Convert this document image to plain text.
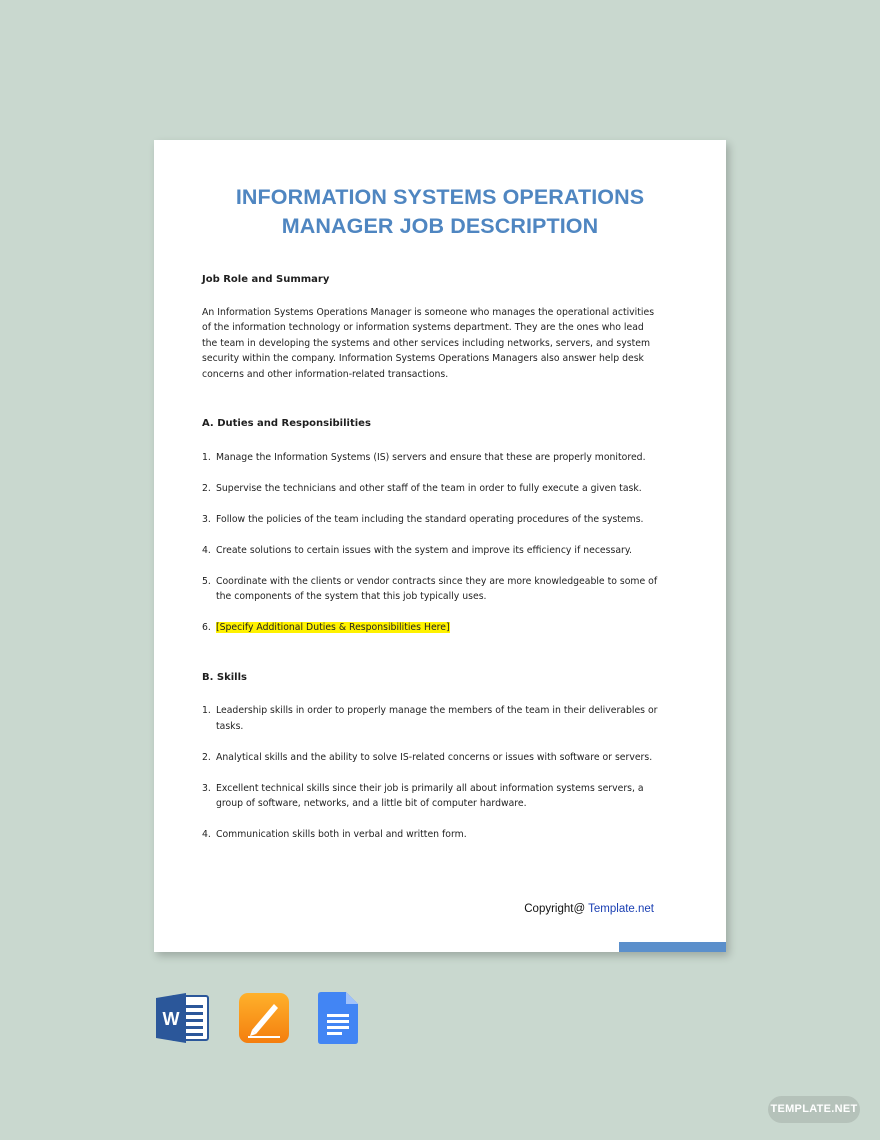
INFORMATION SYSTEMS OPERATIONS
MANAGER JOB DESCRIPTION
Job Role and Summary
An Information Systems Operations Manager is someone who manages the operational activities of the information technology or information systems department. They are the ones who lead the team in developing the systems and other services including networks, servers, and system security within the company. Information Systems Operations Managers also answer help desk concerns and other information-related transactions.
A. Duties and Responsibilities
1. Manage the Information Systems (IS) servers and ensure that these are properly monitored.
2. Supervise the technicians and other staff of the team in order to fully execute a given task.
3. Follow the policies of the team including the standard operating procedures of the systems.
4. Create solutions to certain issues with the system and improve its efficiency if necessary.
5. Coordinate with the clients or vendor contracts since they are more knowledgeable to some of the components of the system that this job typically uses.
6. [Specify Additional Duties & Responsibilities Here]
B. Skills
1. Leadership skills in order to properly manage the members of the team in their deliverables or tasks.
2. Analytical skills and the ability to solve IS-related concerns or issues with software or servers.
3. Excellent technical skills since their job is primarily all about information systems servers, a group of software, networks, and a little bit of computer hardware.
4. Communication skills both in verbal and written form.
Copyright@ Template.net
W
TEMPLATE.NET
